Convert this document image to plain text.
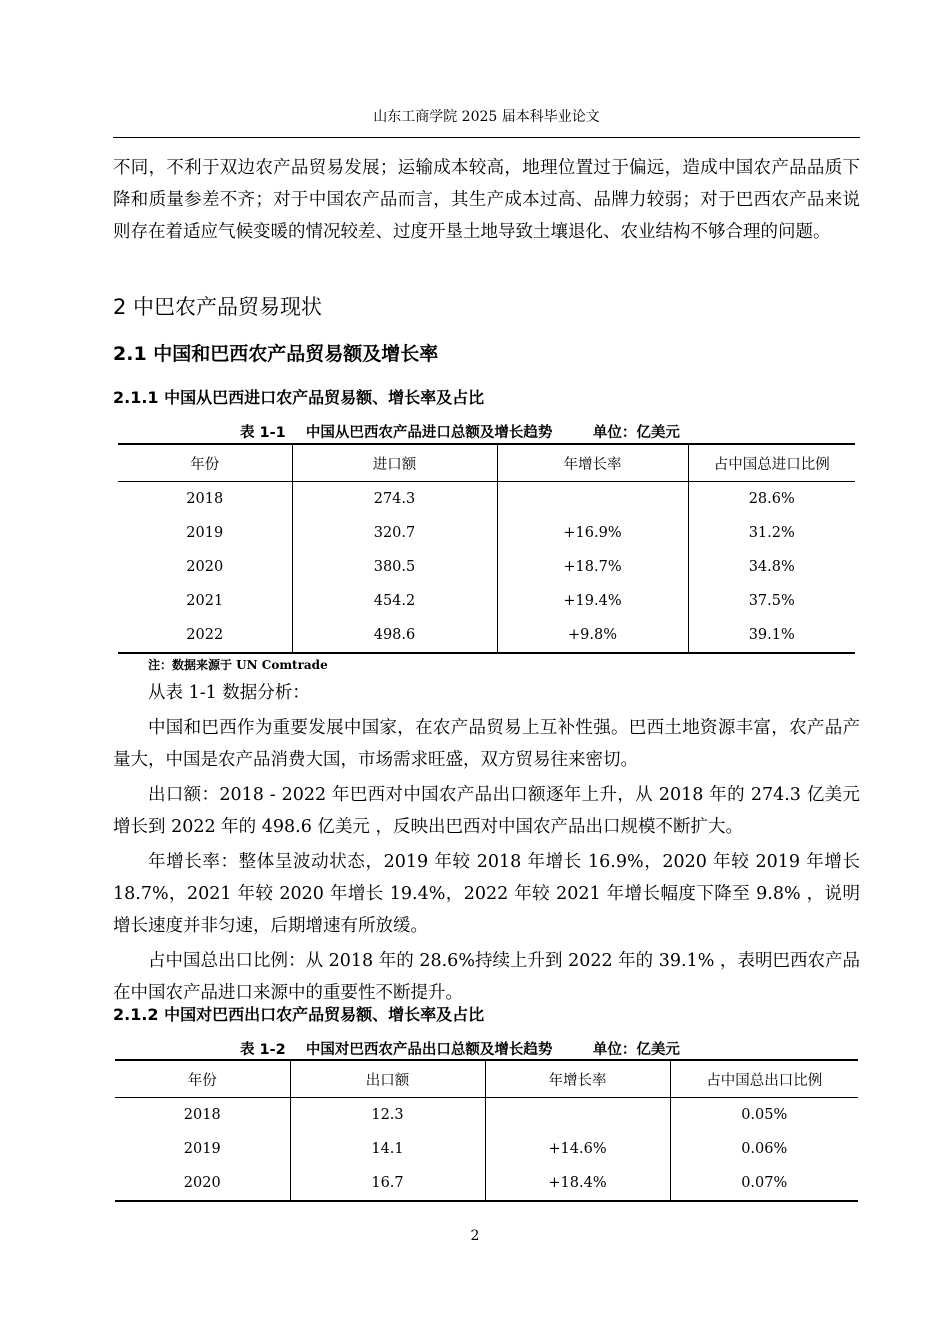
山东工商学院 2025 届本科毕业论文
不同，不利于双边农产品贸易发展；运输成本较高，地理位置过于偏远，造成中国农产品品质下降和质量参差不齐；对于中国农产品而言，其生产成本过高、品牌力较弱；对于巴西农产品来说则存在着适应气候变暖的情况较差、过度开垦土地导致土壤退化、农业结构不够合理的问题。
2 中巴农产品贸易现状
2.1 中国和巴西农产品贸易额及增长率
2.1.1 中国从巴西进口农产品贸易额、增长率及占比
表 1-1    中国从巴西农产品进口总额及增长趋势        单位：亿美元
年份	进口额	年增长率	占中国总进口比例
2018	274.3		28.6%
2019	320.7	+16.9%	31.2%
2020	380.5	+18.7%	34.8%
2021	454.2	+19.4%	37.5%
2022	498.6	+9.8%	39.1%
注：数据来源于 UN Comtrade
从表 1-1 数据分析：
中国和巴西作为重要发展中国家，在农产品贸易上互补性强。巴西土地资源丰富，农产品产量大，中国是农产品消费大国，市场需求旺盛，双方贸易往来密切。
出口额：2018 - 2022 年巴西对中国农产品出口额逐年上升，从 2018 年的 274.3 亿美元增长到 2022 年的 498.6 亿美元 ，反映出巴西对中国农产品出口规模不断扩大。
年增长率：整体呈波动状态，2019 年较 2018 年增长 16.9%，2020 年较 2019 年增长 18.7%，2021 年较 2020 年增长 19.4%，2022 年较 2021 年增长幅度下降至 9.8% ，说明增长速度并非匀速，后期增速有所放缓。
占中国总出口比例：从 2018 年的 28.6%持续上升到 2022 年的 39.1% ，表明巴西农产品在中国农产品进口来源中的重要性不断提升。
2.1.2 中国对巴西出口农产品贸易额、增长率及占比
表 1-2    中国对巴西农产品出口总额及增长趋势        单位：亿美元
年份	出口额	年增长率	占中国总出口比例
2018	12.3		0.05%
2019	14.1	+14.6%	0.06%
2020	16.7	+18.4%	0.07%
2
